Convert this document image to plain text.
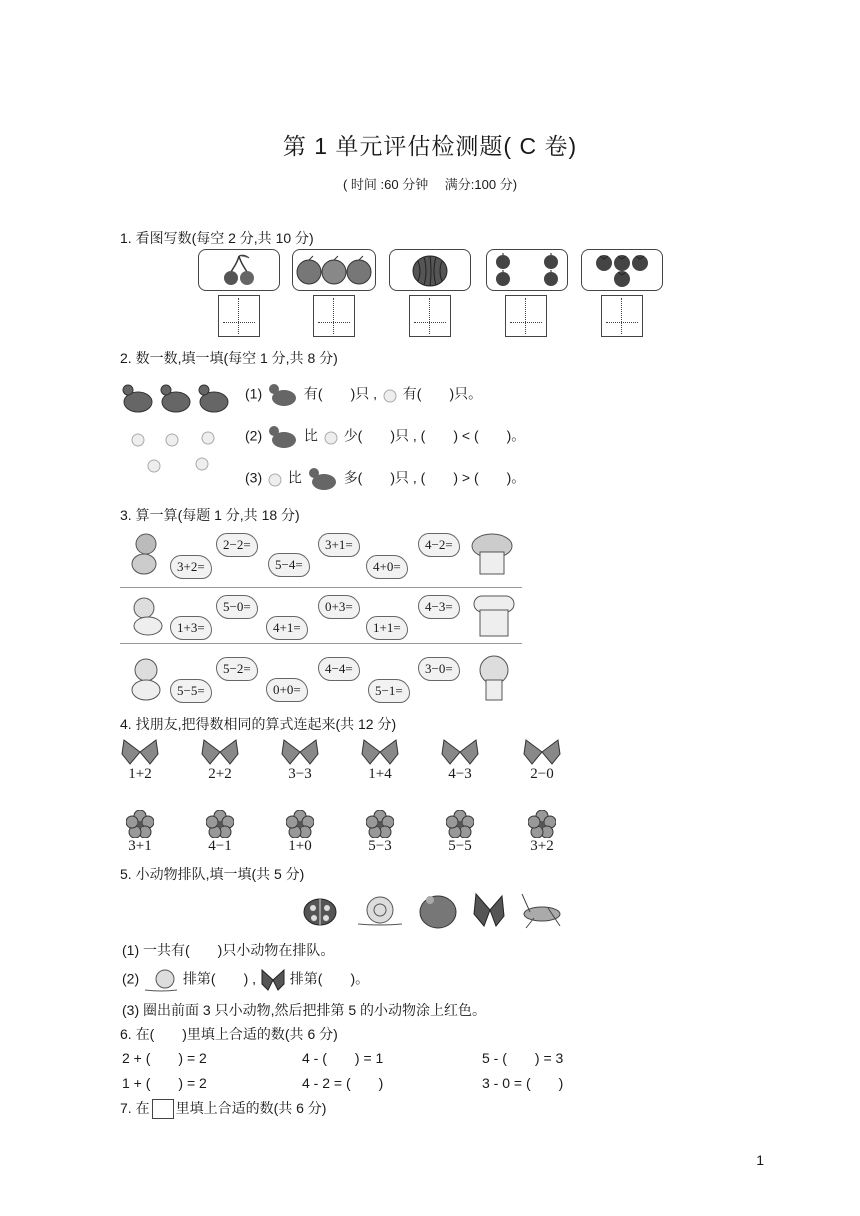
第 1 单元评估检测题( C 卷)
( 时间 :60 分钟　 满分:100 分)
1. 看图写数(每空 2 分,共 10 分)
2. 数一数,填一填(每空 1 分,共 8 分)
(1)	有(　　)只 ,  有(　　)只。
(2)	比 少(　　)只 , (　　) < (　　)。
(3) 比	多(　　)只 , (　　) > (　　)。
3. 算一算(每题 1 分,共 18 分)
2−2=	3+1=	4−2=
3+2=	5−4=	4+0=
5−0=	0+3=	4−3=
1+3=	4+1=	1+1=
5−2=	4−4=	3−0=
5−5=	0+0=	5−1=
4. 找朋友,把得数相同的算式连起来(共 12 分)
1+2	2+2	3−3	1+4	4−3	2−0
3+1	4−1	1+0	5−3	5−5	3+2
5. 小动物排队,填一填(共 5 分)
(1) 一共有(　　)只小动物在排队。
(2)	排第(　　) , 排第(　　)。
(3) 圈出前面 3 只小动物,然后把排第 5 的小动物涂上红色。
6. 在(　　)里填上合适的数(共 6 分)
2 + (　　) = 2	4 - (　　) = 1	5 - (　　) = 3
1 + (　　) = 2	4 - 2 = (　　)	3 - 0 = (　　)
7. 在 里填上合适的数(共 6 分)
1
